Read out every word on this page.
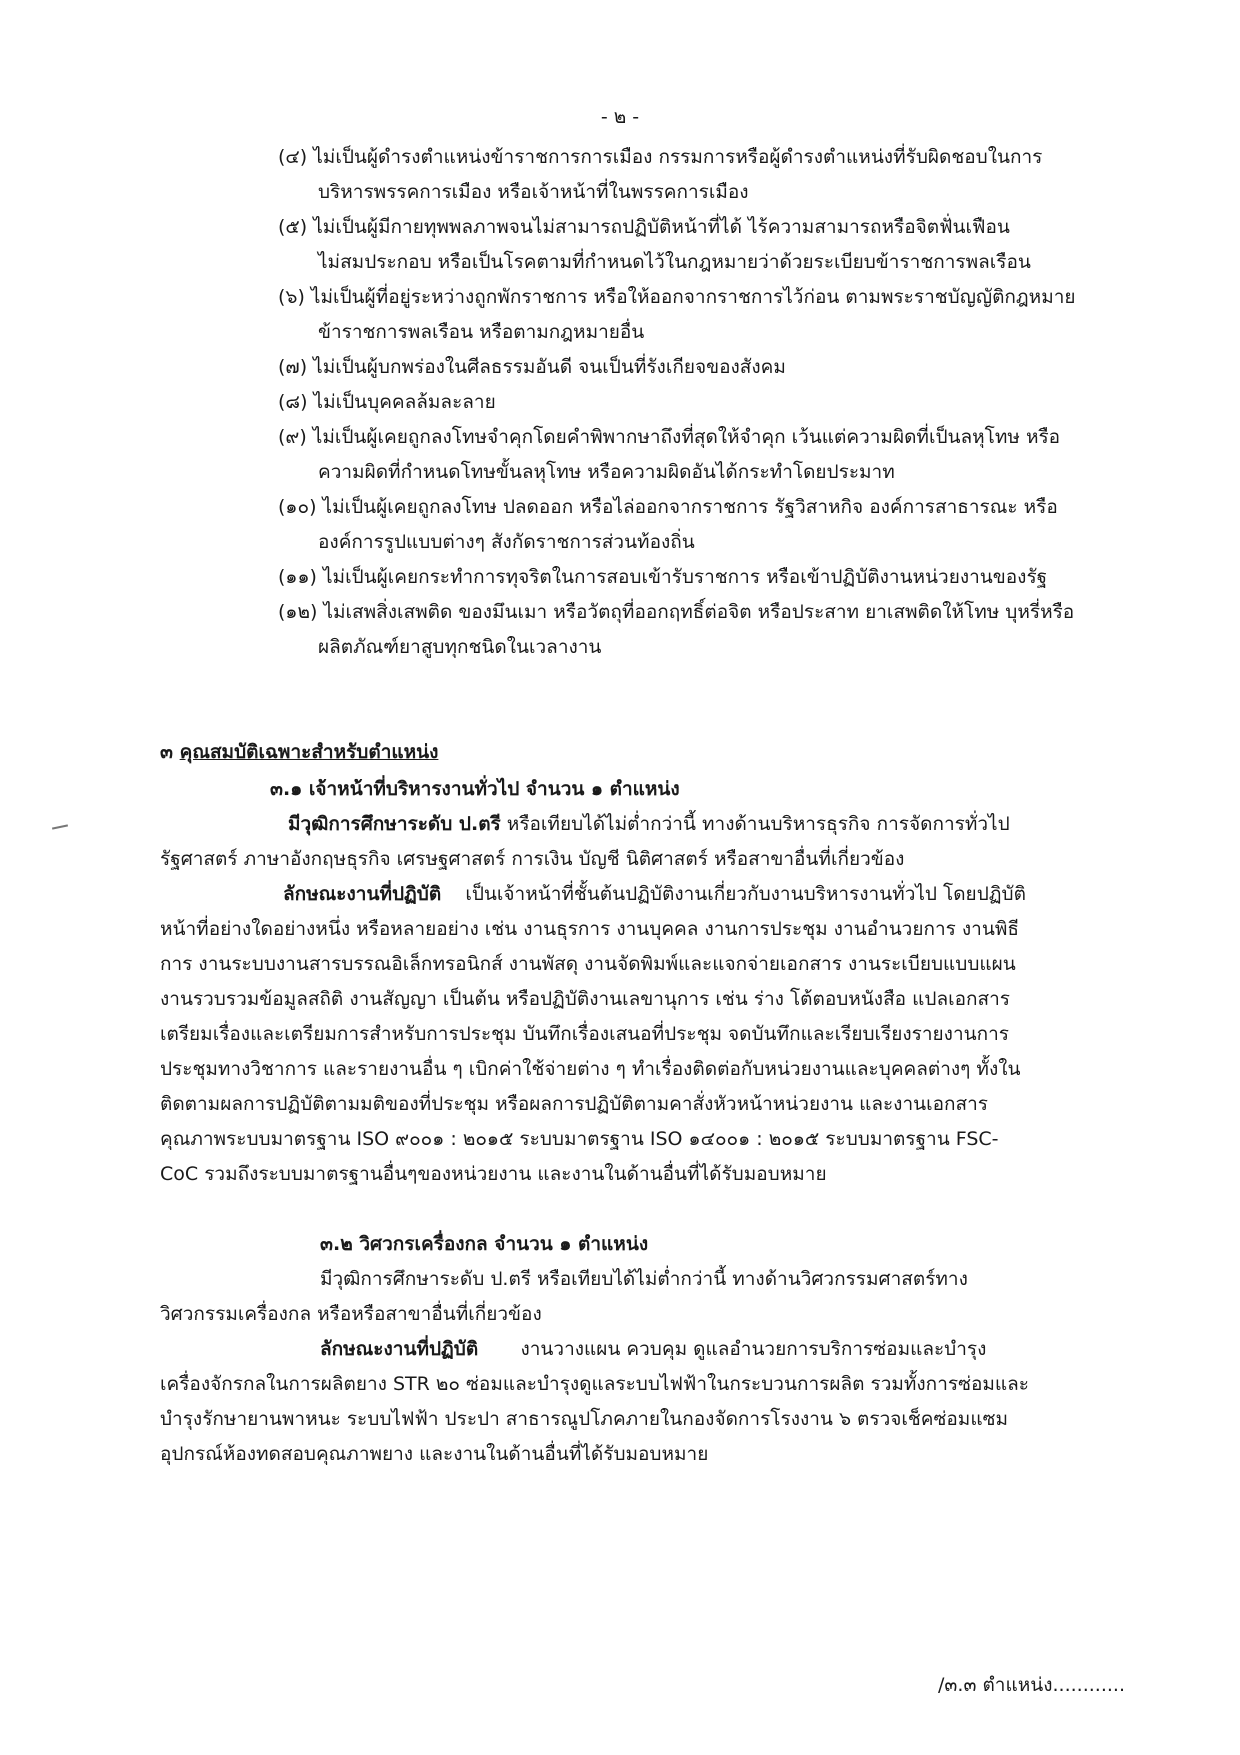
- ๒ -
(๔) ไม่เป็นผู้ดำรงตำแหน่งข้าราชการการเมือง กรรมการหรือผู้ดำรงตำแหน่งที่รับผิดชอบในการ
บริหารพรรคการเมือง หรือเจ้าหน้าที่ในพรรคการเมือง
(๕) ไม่เป็นผู้มีกายทุพพลภาพจนไม่สามารถปฏิบัติหน้าที่ได้ ไร้ความสามารถหรือจิตฟั่นเฟือน
ไม่สมประกอบ หรือเป็นโรคตามที่กำหนดไว้ในกฎหมายว่าด้วยระเบียบข้าราชการพลเรือน
(๖) ไม่เป็นผู้ที่อยู่ระหว่างถูกพักราชการ หรือให้ออกจากราชการไว้ก่อน ตามพระราชบัญญัติกฎหมาย
ข้าราชการพลเรือน หรือตามกฎหมายอื่น
(๗) ไม่เป็นผู้บกพร่องในศีลธรรมอันดี จนเป็นที่รังเกียจของสังคม
(๘) ไม่เป็นบุคคลล้มละลาย
(๙) ไม่เป็นผู้เคยถูกลงโทษจำคุกโดยคำพิพากษาถึงที่สุดให้จำคุก เว้นแต่ความผิดที่เป็นลหุโทษ หรือ
ความผิดที่กำหนดโทษขั้นลหุโทษ หรือความผิดอันได้กระทำโดยประมาท
(๑๐) ไม่เป็นผู้เคยถูกลงโทษ ปลดออก หรือไล่ออกจากราชการ รัฐวิสาหกิจ องค์การสาธารณะ หรือ
องค์การรูปแบบต่างๆ สังกัดราชการส่วนท้องถิ่น
(๑๑) ไม่เป็นผู้เคยกระทำการทุจริตในการสอบเข้ารับราชการ หรือเข้าปฏิบัติงานหน่วยงานของรัฐ
(๑๒) ไม่เสพสิ่งเสพติด ของมึนเมา หรือวัตถุที่ออกฤทธิ์ต่อจิต หรือประสาท ยาเสพติดให้โทษ บุหรี่หรือ
ผลิตภัณฑ์ยาสูบทุกชนิดในเวลางาน
๓ คุณสมบัติเฉพาะสำหรับตำแหน่ง
๓.๑ เจ้าหน้าที่บริหารงานทั่วไป จำนวน ๑ ตำแหน่ง
มีวุฒิการศึกษาระดับ ป.ตรี หรือเทียบได้ไม่ต่ำกว่านี้ ทางด้านบริหารธุรกิจ การจัดการทั่วไป
รัฐศาสตร์ ภาษาอังกฤษธุรกิจ เศรษฐศาสตร์ การเงิน บัญชี นิติศาสตร์ หรือสาขาอื่นที่เกี่ยวข้อง
ลักษณะงานที่ปฏิบัติ เป็นเจ้าหน้าที่ชั้นต้นปฏิบัติงานเกี่ยวกับงานบริหารงานทั่วไป โดยปฏิบัติ
หน้าที่อย่างใดอย่างหนึ่ง หรือหลายอย่าง เช่น งานธุรการ งานบุคคล งานการประชุม งานอำนวยการ งานพิธี
การ งานระบบงานสารบรรณอิเล็กทรอนิกส์ งานพัสดุ งานจัดพิมพ์และแจกจ่ายเอกสาร งานระเบียบแบบแผน
งานรวบรวมข้อมูลสถิติ งานสัญญา เป็นต้น หรือปฏิบัติงานเลขานุการ เช่น ร่าง โต้ตอบหนังสือ แปลเอกสาร
เตรียมเรื่องและเตรียมการสำหรับการประชุม บันทึกเรื่องเสนอที่ประชุม จดบันทึกและเรียบเรียงรายงานการ
ประชุมทางวิชาการ และรายงานอื่น ๆ เบิกค่าใช้จ่ายต่าง ๆ ทำเรื่องติดต่อกับหน่วยงานและบุคคลต่างๆ ทั้งใน
ติดตามผลการปฏิบัติตามมติของที่ประชุม หรือผลการปฏิบัติตามคาสั่งหัวหน้าหน่วยงาน และงานเอกสาร
คุณภาพระบบมาตรฐาน ISO ๙๐๐๑ : ๒๐๑๕ ระบบมาตรฐาน ISO ๑๔๐๐๑ : ๒๐๑๕ ระบบมาตรฐาน FSC-
CoC รวมถึงระบบมาตรฐานอื่นๆของหน่วยงาน และงานในด้านอื่นที่ได้รับมอบหมาย
๓.๒ วิศวกรเครื่องกล จำนวน ๑ ตำแหน่ง
มีวุฒิการศึกษาระดับ ป.ตรี หรือเทียบได้ไม่ต่ำกว่านี้ ทางด้านวิศวกรรมศาสตร์ทาง
วิศวกรรมเครื่องกล หรือหรือสาขาอื่นที่เกี่ยวข้อง
ลักษณะงานที่ปฏิบัติ งานวางแผน ควบคุม ดูแลอำนวยการบริการซ่อมและบำรุง
เครื่องจักรกลในการผลิตยาง STR ๒๐ ซ่อมและบำรุงดูแลระบบไฟฟ้าในกระบวนการผลิต รวมทั้งการซ่อมและ
บำรุงรักษายานพาหนะ ระบบไฟฟ้า ประปา สาธารณูปโภคภายในกองจัดการโรงงาน ๖ ตรวจเช็คซ่อมแซม
อุปกรณ์ห้องทดสอบคุณภาพยาง และงานในด้านอื่นที่ได้รับมอบหมาย
/๓.๓ ตำแหน่ง............
